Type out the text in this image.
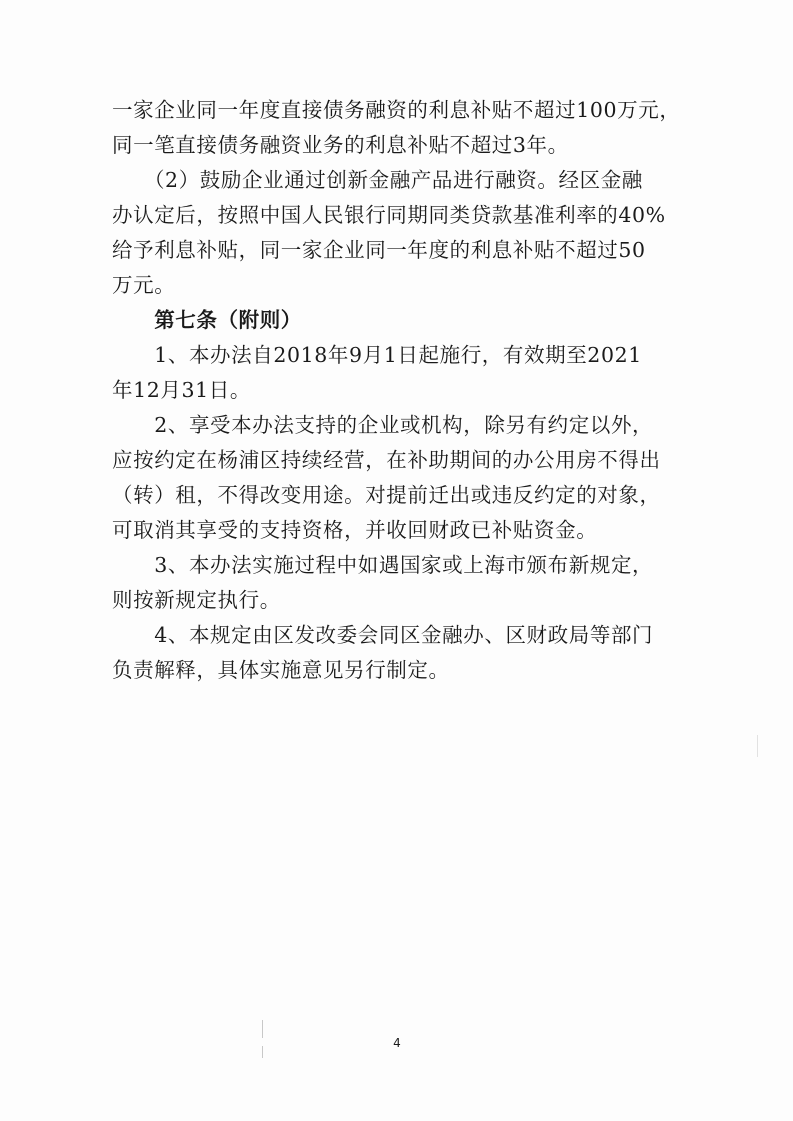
一家企业同一年度直接债务融资的利息补贴不超过100万元，
同一笔直接债务融资业务的利息补贴不超过3年。
　　（2）鼓励企业通过创新金融产品进行融资。经区金融
办认定后，按照中国人民银行同期同类贷款基准利率的40%
给予利息补贴，同一家企业同一年度的利息补贴不超过50
万元。
　　第七条（附则）
　　1、本办法自2018年9月1日起施行，有效期至2021
年12月31日。
　　2、享受本办法支持的企业或机构，除另有约定以外，
应按约定在杨浦区持续经营，在补助期间的办公用房不得出
（转）租，不得改变用途。对提前迁出或违反约定的对象，
可取消其享受的支持资格，并收回财政已补贴资金。
　　3、本办法实施过程中如遇国家或上海市颁布新规定，
则按新规定执行。
　　4、本规定由区发改委会同区金融办、区财政局等部门
负责解释，具体实施意见另行制定。
4
